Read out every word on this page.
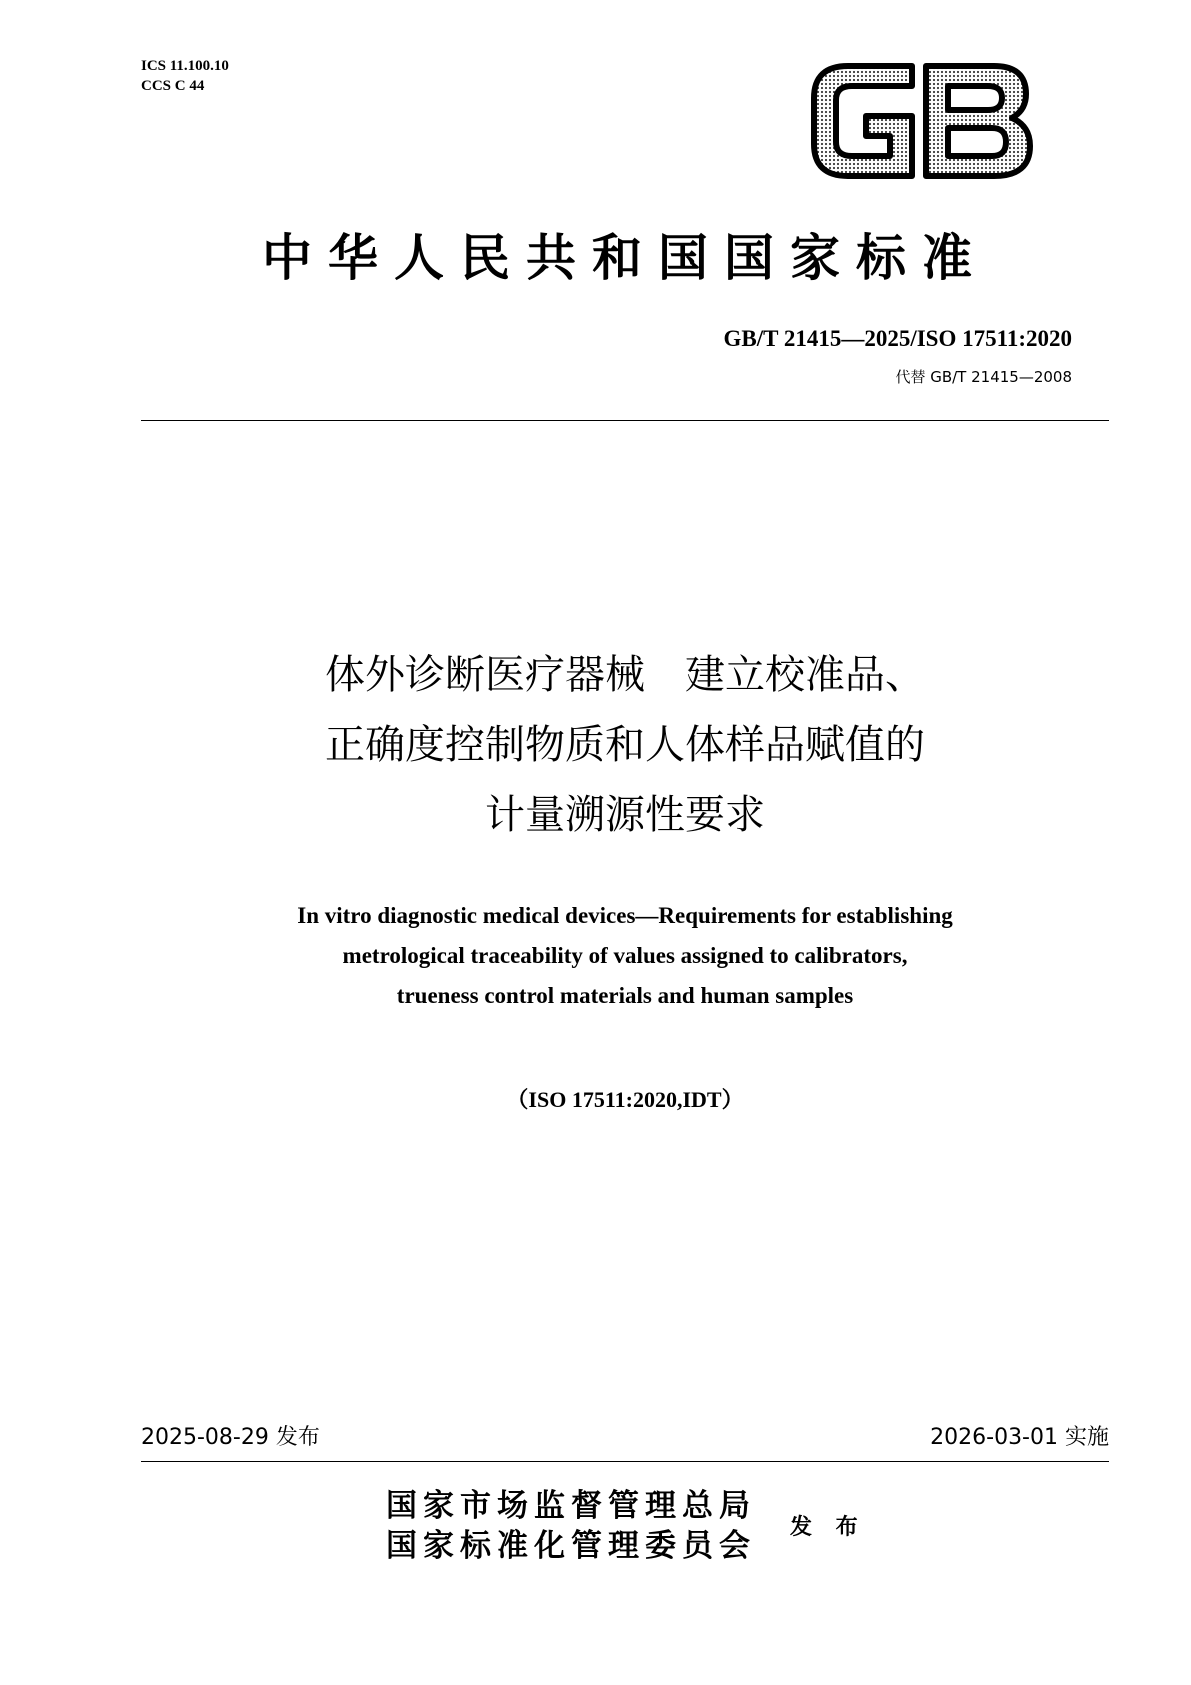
ICS 11.100.10
CCS C 44
中华人民共和国国家标准
GB/T 21415—2025/ISO 17511:2020
代替 GB/T 21415—2008
体外诊断医疗器械　建立校准品、
正确度控制物质和人体样品赋值的
计量溯源性要求
In vitro diagnostic medical devices—Requirements for establishing
metrological traceability of values assigned to calibrators,
trueness control materials and human samples
（ISO 17511:2020,IDT）
2025-08-29 发布	2026-03-01 实施
国家市场监督管理总局
国家标准化管理委员会
发 布
